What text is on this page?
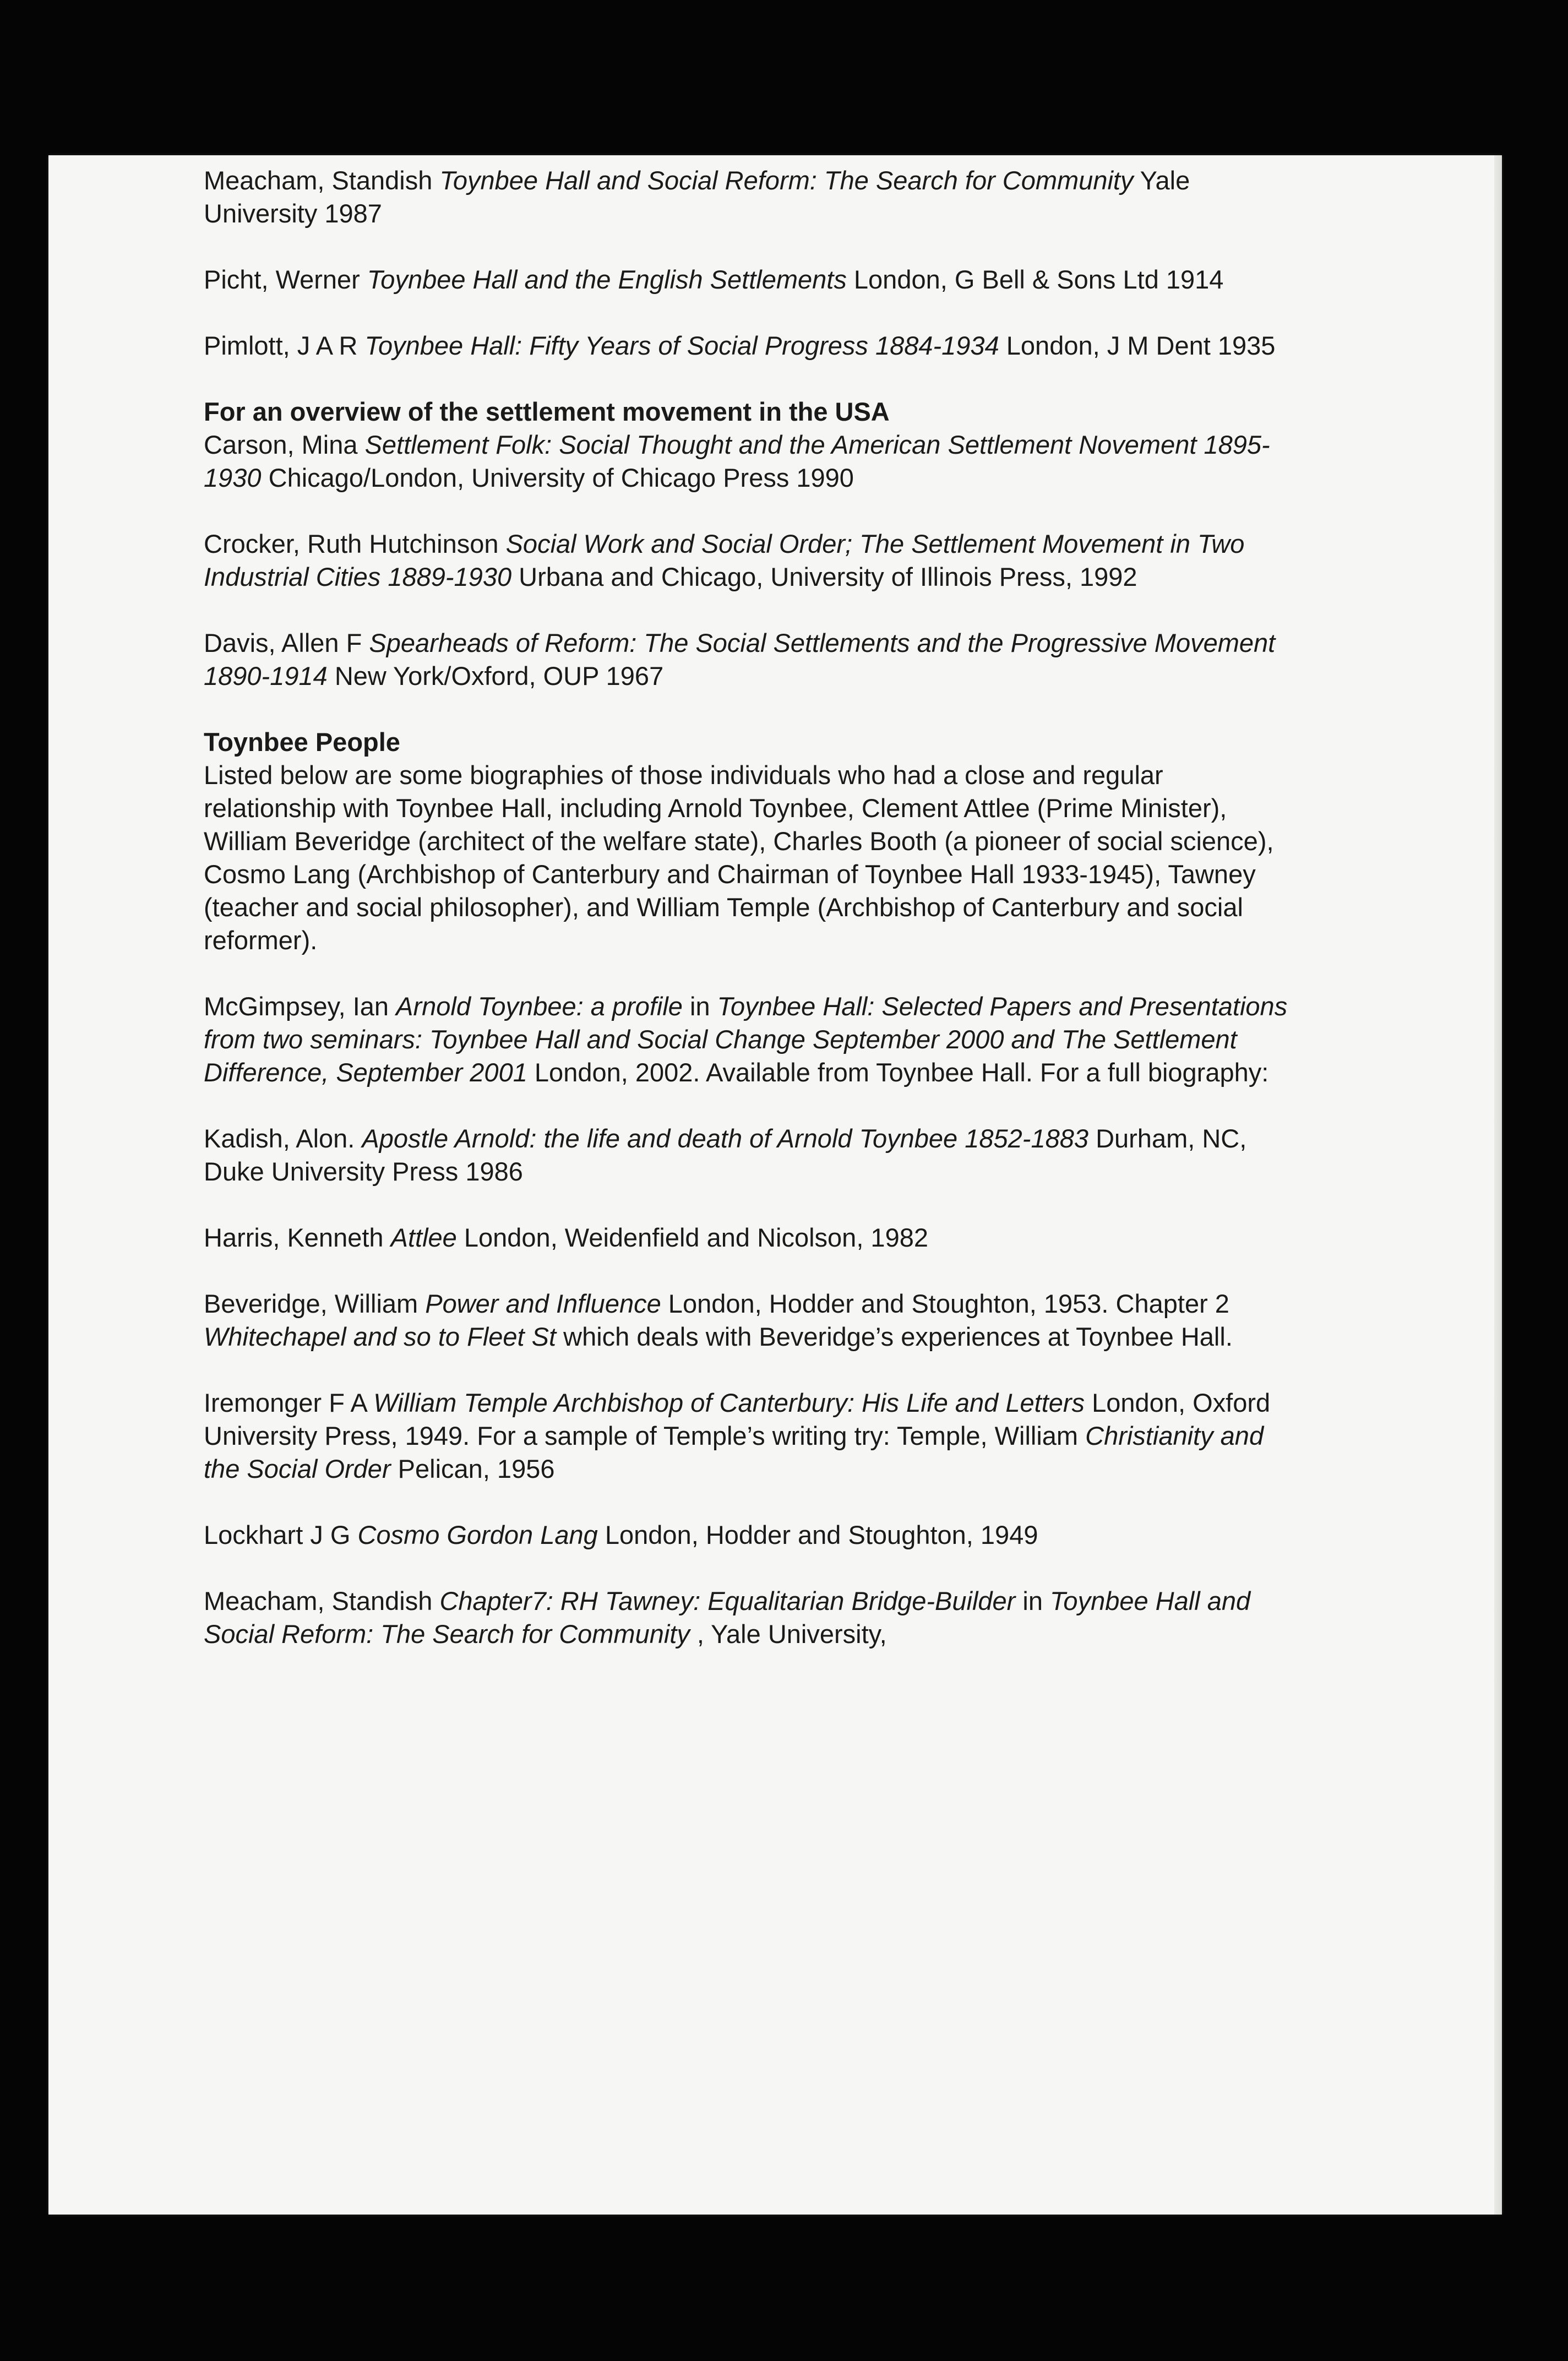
Meacham, Standish Toynbee Hall and Social Reform: The Search for Community Yale University 1987

Picht, Werner Toynbee Hall and the English Settlements London, G Bell & Sons Ltd 1914

Pimlott, J A R Toynbee Hall: Fifty Years of Social Progress 1884-1934 London, J M Dent 1935

For an overview of the settlement movement in the USA

Carson, Mina Settlement Folk: Social Thought and the American Settlement Novement 1895-1930 Chicago/London, University of Chicago Press 1990

Crocker, Ruth Hutchinson Social Work and Social Order; The Settlement Movement in Two Industrial Cities 1889-1930 Urbana and Chicago, University of Illinois Press, 1992

Davis, Allen F Spearheads of Reform: The Social Settlements and the Progressive Movement 1890-1914 New York/Oxford, OUP 1967

Toynbee People

Listed below are some biographies of those individuals who had a close and regular relationship with Toynbee Hall, including Arnold Toynbee, Clement Attlee (Prime Minister), William Beveridge (architect of the welfare state), Charles Booth (a pioneer of social science), Cosmo Lang (Archbishop of Canterbury and Chairman of Toynbee Hall 1933-1945), Tawney (teacher and social philosopher), and William Temple (Archbishop of Canterbury and social reformer).

McGimpsey, Ian Arnold Toynbee: a profile in Toynbee Hall: Selected Papers and Presentations from two seminars: Toynbee Hall and Social Change September 2000 and The Settlement Difference, September 2001 London, 2002. Available from Toynbee Hall. For a full biography:

Kadish, Alon. Apostle Arnold: the life and death of Arnold Toynbee 1852-1883 Durham, NC, Duke University Press 1986

Harris, Kenneth Attlee London, Weidenfield and Nicolson, 1982

Beveridge, William Power and Influence London, Hodder and Stoughton, 1953. Chapter 2 Whitechapel and so to Fleet St which deals with Beveridge’s experiences at Toynbee Hall.

Iremonger F A William Temple Archbishop of Canterbury: His Life and Letters London, Oxford University Press, 1949. For a sample of Temple’s writing try: Temple, William Christianity and the Social Order Pelican, 1956

Lockhart J G Cosmo Gordon Lang London, Hodder and Stoughton, 1949

Meacham, Standish Chapter7: RH Tawney: Equalitarian Bridge-Builder in Toynbee Hall and Social Reform: The Search for Community , Yale University,
